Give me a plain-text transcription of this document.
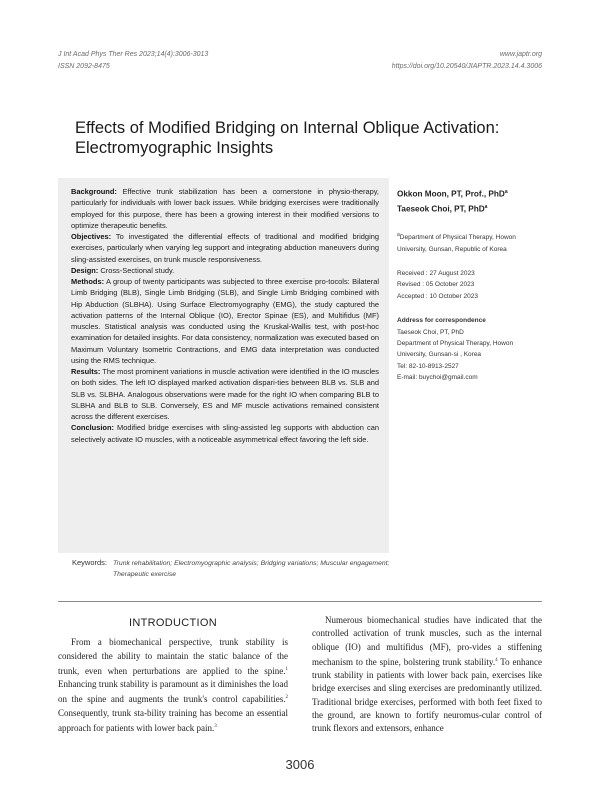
J Int Acad Phys Ther Res 2023;14(4):3006-3013
ISSN 2092-8475
www.japtr.org
https://doi.org/10.20540/JIAPTR.2023.14.4.3006
Effects of Modified Bridging on Internal Oblique Activation:
Electromyographic Insights

Background: Effective trunk stabilization has been a cornerstone in physio-therapy, particularly for individuals with lower back issues. While bridging exercises were traditionally employed for this purpose, there has been a growing interest in their modified versions to optimize therapeutic benefits.

Objectives: To investigated the differential effects of traditional and modified bridging exercises, particularly when varying leg support and integrating abduction maneuvers during sling-assisted exercises, on trunk muscle responsiveness.

Design: Cross-Sectional study.

Methods: A group of twenty participants was subjected to three exercise pro-tocols: Bilateral Limb Bridging (BLB), Single Limb Bridging (SLB), and Single Limb Bridging combined with Hip Abduction (SLBHA). Using Surface Electromyography (EMG), the study captured the activation patterns of the Internal Oblique (IO), Erector Spinae (ES), and Multifidus (MF) muscles. Statistical analysis was conducted using the Kruskal-Wallis test, with post-hoc examination for detailed insights. For data consistency, normalization was executed based on Maximum Voluntary Isometric Contractions, and EMG data interpretation was conducted using the RMS technique.

Results: The most prominent variations in muscle activation were identified in the IO muscles on both sides. The left IO displayed marked activation dispari-ties between BLB vs. SLB and SLB vs. SLBHA. Analogous observations were made for the right IO when comparing BLB to SLBHA and BLB to SLB. Conversely, ES and MF muscle activations remained consistent across the different exercises.

Conclusion: Modified bridge exercises with sling-assisted leg supports with abduction can selectively activate IO muscles, with a noticeable asymmetrical effect favoring the left side.

Okkon Moon, PT, Prof., PhD$^a$
Taeseok Choi, PT, PhD$^a$
$^a$Department of Physical Therapy, Howon
University, Gunsan, Republic of Korea
Received : 27 August 2023
Revised : 05 October 2023
Accepted : 10 October 2023
Address for correspondence
Taeseok Choi, PT, PhD
Department of Physical Therapy, Howon
University, Gunsan-si , Korea
Tel: 82-10-8913-2527
E-mail: buychoi@gmail.com
Keywords: Trunk rehabilitation; Electromyographic analysis; Bridging variations; Muscular engagement; Therapeutic exercise

INTRODUCTION

From a biomechanical perspective, trunk stability is considered the ability to maintain the static balance of the trunk, even when perturbations are applied to the spine.$^1$ Enhancing trunk stability is paramount as it diminishes the load on the spine and augments the trunk's control capabilities.$^2$ Consequently, trunk sta-bility training has become an essential approach for patients with lower back pain.$^3$

Numerous biomechanical studies have indicated that the controlled activation of trunk muscles, such as the internal oblique (IO) and multifidus (MF), pro-vides a stiffening mechanism to the spine, bolstering trunk stability.$^4$ To enhance trunk stability in patients with lower back pain, exercises like bridge exercises and sling exercises are predominantly utilized. Traditional bridge exercises, performed with both feet fixed to the ground, are known to fortify neuromus-cular control of trunk flexors and extensors, enhance

3006
